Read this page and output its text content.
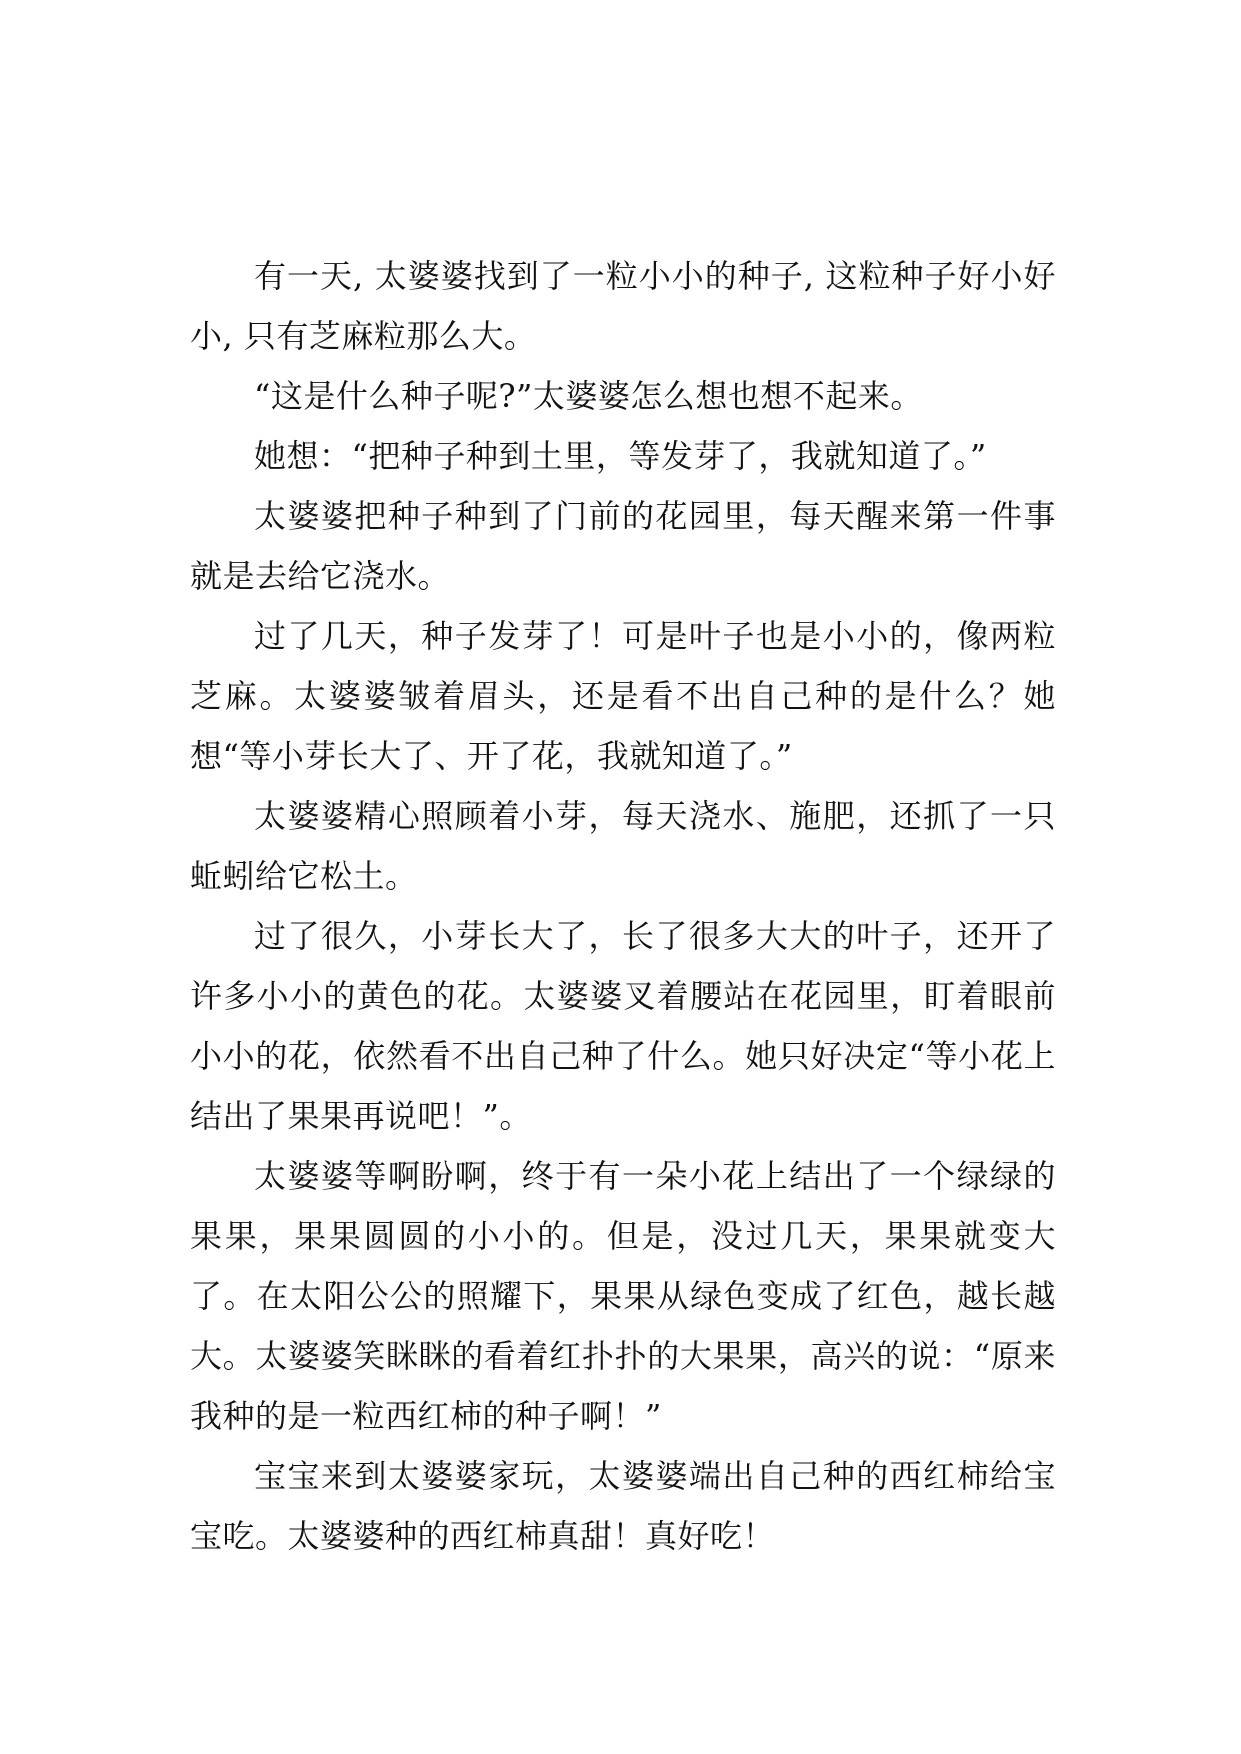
有一天, 太婆婆找到了一粒小小的种子, 这粒种子好小好小, 只有芝麻粒那么大。

“这是什么种子呢?”太婆婆怎么想也想不起来。

她想：“把种子种到土里，等发芽了，我就知道了。”

太婆婆把种子种到了门前的花园里，每天醒来第一件事就是去给它浇水。

过了几天，种子发芽了！可是叶子也是小小的，像两粒芝麻。太婆婆皱着眉头，还是看不出自己种的是什么？她想“等小芽长大了、开了花，我就知道了。”

太婆婆精心照顾着小芽，每天浇水、施肥，还抓了一只蚯蚓给它松土。

过了很久，小芽长大了，长了很多大大的叶子，还开了许多小小的黄色的花。太婆婆叉着腰站在花园里，盯着眼前小小的花，依然看不出自己种了什么。她只好决定“等小花上结出了果果再说吧！”。

太婆婆等啊盼啊，终于有一朵小花上结出了一个绿绿的果果，果果圆圆的小小的。但是，没过几天，果果就变大了。在太阳公公的照耀下，果果从绿色变成了红色，越长越大。太婆婆笑眯眯的看着红扑扑的大果果，高兴的说：“原来我种的是一粒西红柿的种子啊！”

宝宝来到太婆婆家玩，太婆婆端出自己种的西红柿给宝宝吃。太婆婆种的西红柿真甜！真好吃！
